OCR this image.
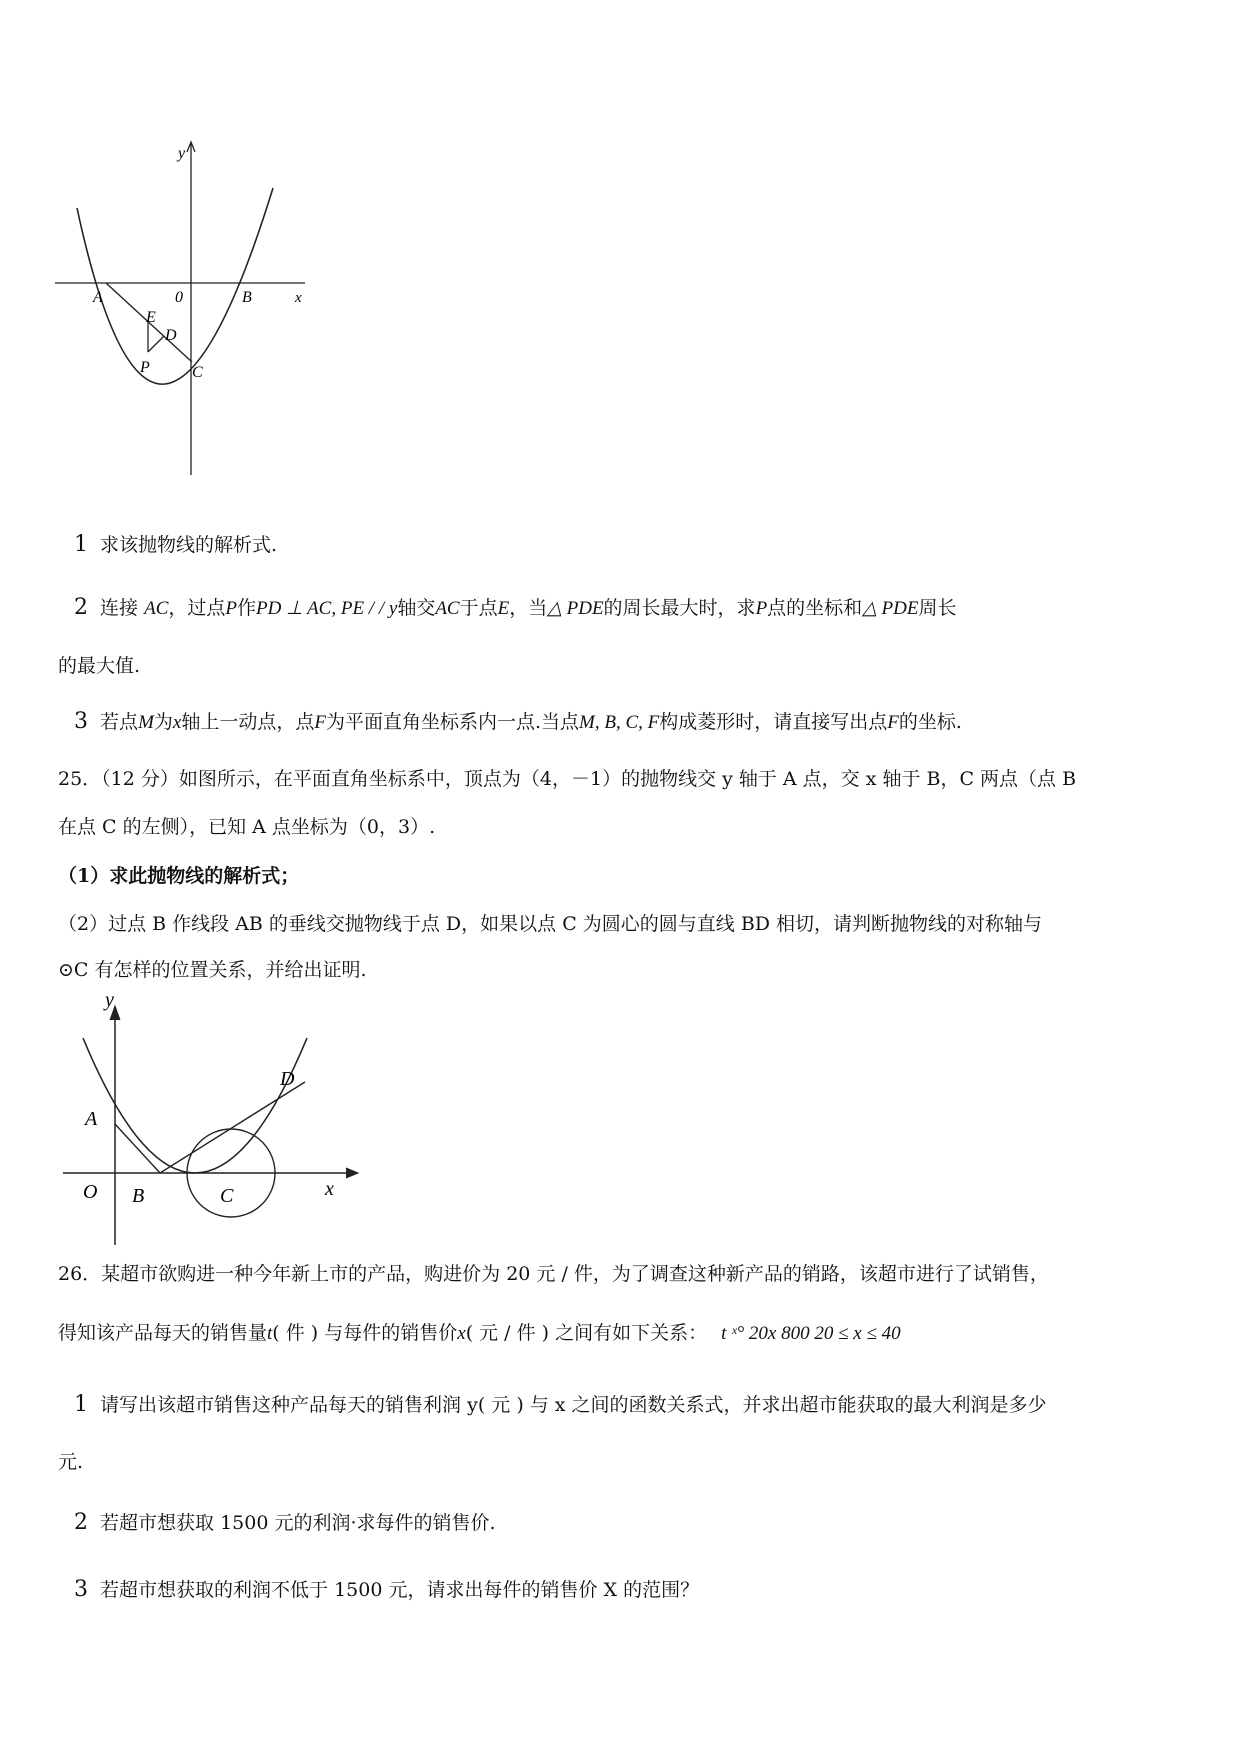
y
x
0
A	B
C
D
E
P
1 求该抛物线的解析式.
2 连接 AC，过点P作PD ⊥ AC, PE / / y轴交AC于点E，当△ PDE的周长最大时，求P点的坐标和△ PDE周长
的最大值.
3 若点M为x轴上一动点，点F为平面直角坐标系内一点.当点M, B, C, F构成菱形时，请直接写出点F的坐标.
25．（12 分）如图所示，在平面直角坐标系中，顶点为（4，－1）的抛物线交 y 轴于 A 点，交 x 轴于 B，C 两点（点 B
在点 C 的左侧），已知 A 点坐标为（0，3）.
（1）求此抛物线的解析式；
（2）过点 B 作线段 AB 的垂线交抛物线于点 D，如果以点 C 为圆心的圆与直线 BD 相切，请判断抛物线的对称轴与
⊙C 有怎样的位置关系，并给出证明.
y
x
O
A
B	C
D
26．某超市欲购进一种今年新上市的产品，购进价为 20 元 / 件，为了调查这种新产品的销路，该超市进行了试销售，
得知该产品每天的销售量t( 件 ) 与每件的销售价x( 元 / 件 ) 之间有如下关系： t ˣ° 20x 800 20 ≤ x ≤ 40
1 请写出该超市销售这种产品每天的销售利润 y( 元 ) 与 x 之间的函数关系式，并求出超市能获取的最大利润是多少
元.
2 若超市想获取 1500 元的利润·求每件的销售价.
3 若超市想获取的利润不低于 1500 元，请求出每件的销售价 X 的范围？
